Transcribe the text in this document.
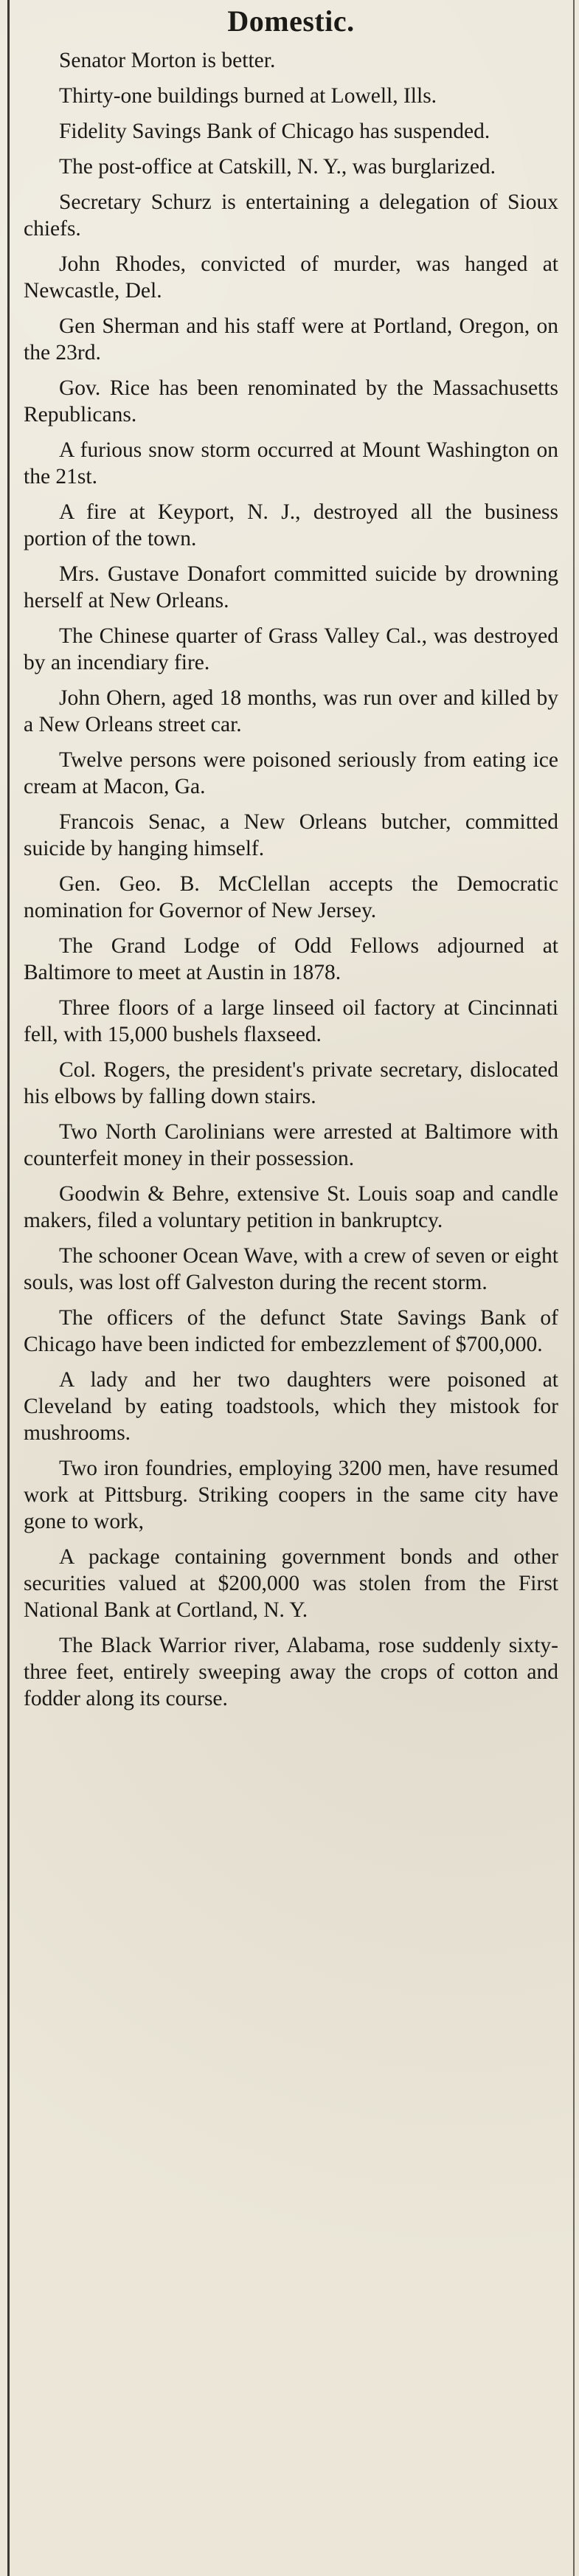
Domestic.

Senator Morton is better.

Thirty-one buildings burned at Lowell, Ills.

Fidelity Savings Bank of Chicago has suspended.

The post-office at Catskill, N. Y., was burglarized.

Secretary Schurz is entertaining a delegation of Sioux chiefs.

John Rhodes, convicted of murder, was hanged at Newcastle, Del.

Gen Sherman and his staff were at Portland, Oregon, on the 23rd.

Gov. Rice has been renominated by the Massachusetts Republicans.

A furious snow storm occurred at Mount Washington on the 21st.

A fire at Keyport, N. J., destroyed all the business portion of the town.

Mrs. Gustave Donafort committed suicide by drowning herself at New Orleans.

The Chinese quarter of Grass Valley Cal., was destroyed by an incendiary fire.

John Ohern, aged 18 months, was run over and killed by a New Orleans street car.

Twelve persons were poisoned seriously from eating ice cream at Macon, Ga.

Francois Senac, a New Orleans butcher, committed suicide by hanging himself.

Gen. Geo. B. McClellan accepts the Democratic nomination for Governor of New Jersey.

The Grand Lodge of Odd Fellows adjourned at Baltimore to meet at Austin in 1878.

Three floors of a large linseed oil factory at Cincinnati fell, with 15,000 bushels flaxseed.

Col. Rogers, the president's private secretary, dislocated his elbows by falling down stairs.

Two North Carolinians were arrested at Baltimore with counterfeit money in their possession.

Goodwin & Behre, extensive St. Louis soap and candle makers, filed a voluntary petition in bankruptcy.

The schooner Ocean Wave, with a crew of seven or eight souls, was lost off Galveston during the recent storm.

The officers of the defunct State Savings Bank of Chicago have been indicted for embezzlement of $700,000.

A lady and her two daughters were poisoned at Cleveland by eating toadstools, which they mistook for mushrooms.

Two iron foundries, employing 3200 men, have resumed work at Pittsburg. Striking coopers in the same city have gone to work,

A package containing government bonds and other securities valued at $200,000 was stolen from the First National Bank at Cortland, N. Y.

The Black Warrior river, Alabama, rose suddenly sixty-three feet, entirely sweeping away the crops of cotton and fodder along its course.
